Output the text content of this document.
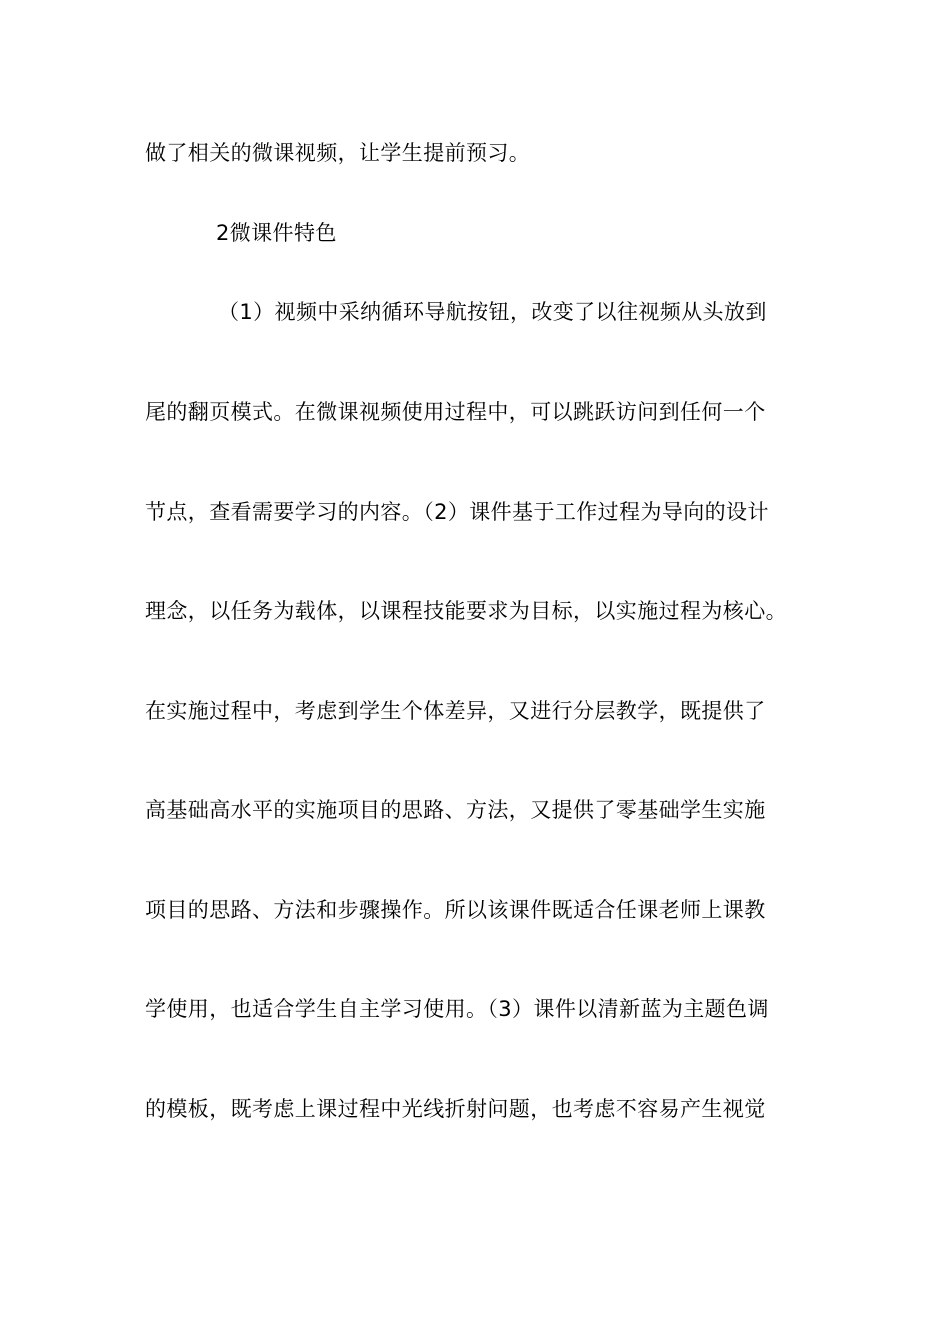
做了相关的微课视频，让学生提前预习。
2微课件特色
（1）视频中采纳循环导航按钮，改变了以往视频从头放到
尾的翻页模式。在微课视频使用过程中，可以跳跃访问到任何一个
节点，查看需要学习的内容。（2）课件基于工作过程为导向的设计
理念，以任务为载体，以课程技能要求为目标，以实施过程为核心。
在实施过程中，考虑到学生个体差异，又进行分层教学，既提供了
高基础高水平的实施项目的思路、方法，又提供了零基础学生实施
项目的思路、方法和步骤操作。所以该课件既适合任课老师上课教
学使用，也适合学生自主学习使用。（3）课件以清新蓝为主题色调
的模板，既考虑上课过程中光线折射问题，也考虑不容易产生视觉
